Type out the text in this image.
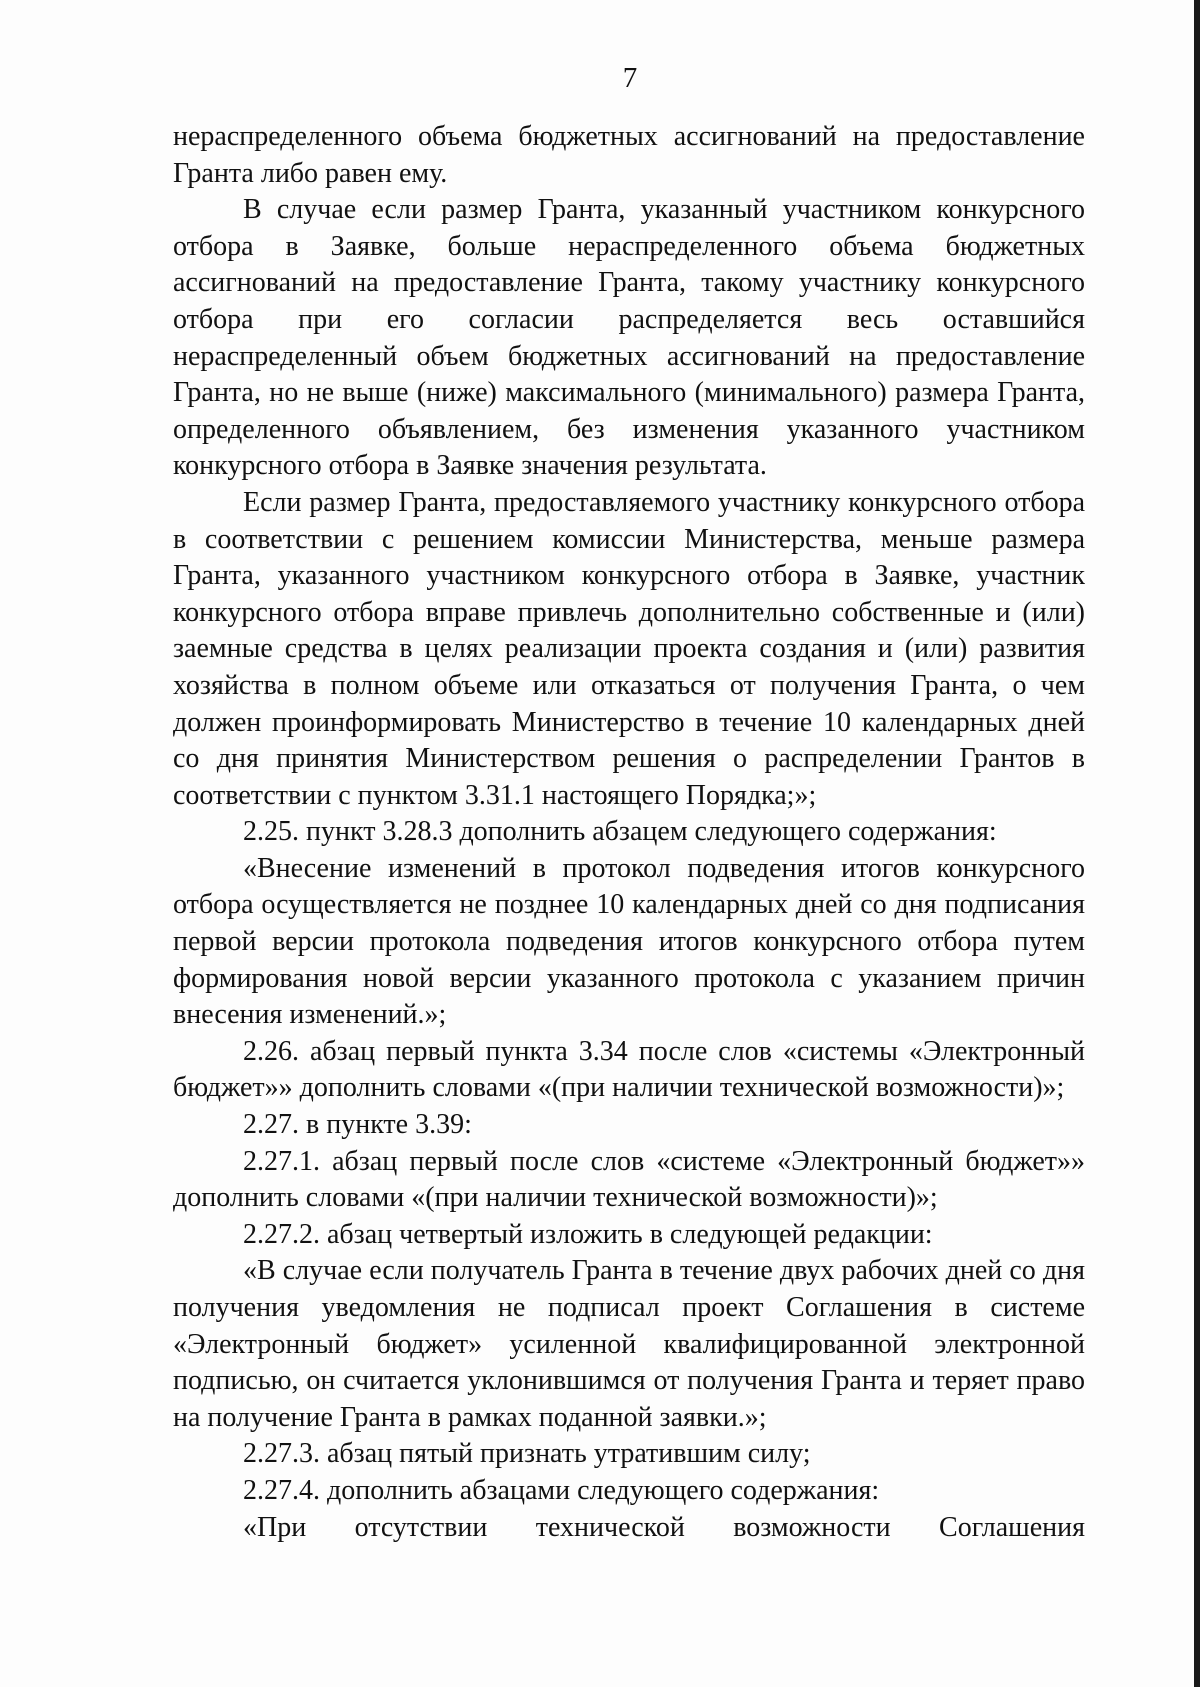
7

нераспределенного объема бюджетных ассигнований на предоставление Гранта либо равен ему.

В случае если размер Гранта, указанный участником конкурсного отбора в Заявке, больше нераспределенного объема бюджетных ассигнований на предоставление Гранта, такому участнику конкурсного отбора при его согласии распределяется весь оставшийся нераспределенный объем бюджетных ассигнований на предоставление Гранта, но не выше (ниже) максимального (минимального) размера Гранта, определенного объявлением, без изменения указанного участником конкурсного отбора в Заявке значения результата.

Если размер Гранта, предоставляемого участнику конкурсного отбора в соответствии с решением комиссии Министерства, меньше размера Гранта, указанного участником конкурсного отбора в Заявке, участник конкурсного отбора вправе привлечь дополнительно собственные и (или) заемные средства в целях реализации проекта создания и (или) развития хозяйства в полном объеме или отказаться от получения Гранта, о чем должен проинформировать Министерство в течение 10 календарных дней со дня принятия Министерством решения о распределении Грантов в соответствии с пунктом 3.31.1 настоящего Порядка;»;

2.25. пункт 3.28.3 дополнить абзацем следующего содержания:

«Внесение изменений в протокол подведения итогов конкурсного отбора осуществляется не позднее 10 календарных дней со дня подписания первой версии протокола подведения итогов конкурсного отбора путем формирования новой версии указанного протокола с указанием причин внесения изменений.»;

2.26. абзац первый пункта 3.34 после слов «системы «Электронный бюджет»» дополнить словами «(при наличии технической возможности)»;

2.27. в пункте 3.39:

2.27.1. абзац первый после слов «системе «Электронный бюджет»» дополнить словами «(при наличии технической возможности)»;

2.27.2. абзац четвертый изложить в следующей редакции:

«В случае если получатель Гранта в течение двух рабочих дней со дня получения уведомления не подписал проект Соглашения в системе «Электронный бюджет» усиленной квалифицированной электронной подписью, он считается уклонившимся от получения Гранта и теряет право на получение Гранта в рамках поданной заявки.»;

2.27.3. абзац пятый признать утратившим силу;

2.27.4. дополнить абзацами следующего содержания:

«При отсутствии технической возможности Соглашения
